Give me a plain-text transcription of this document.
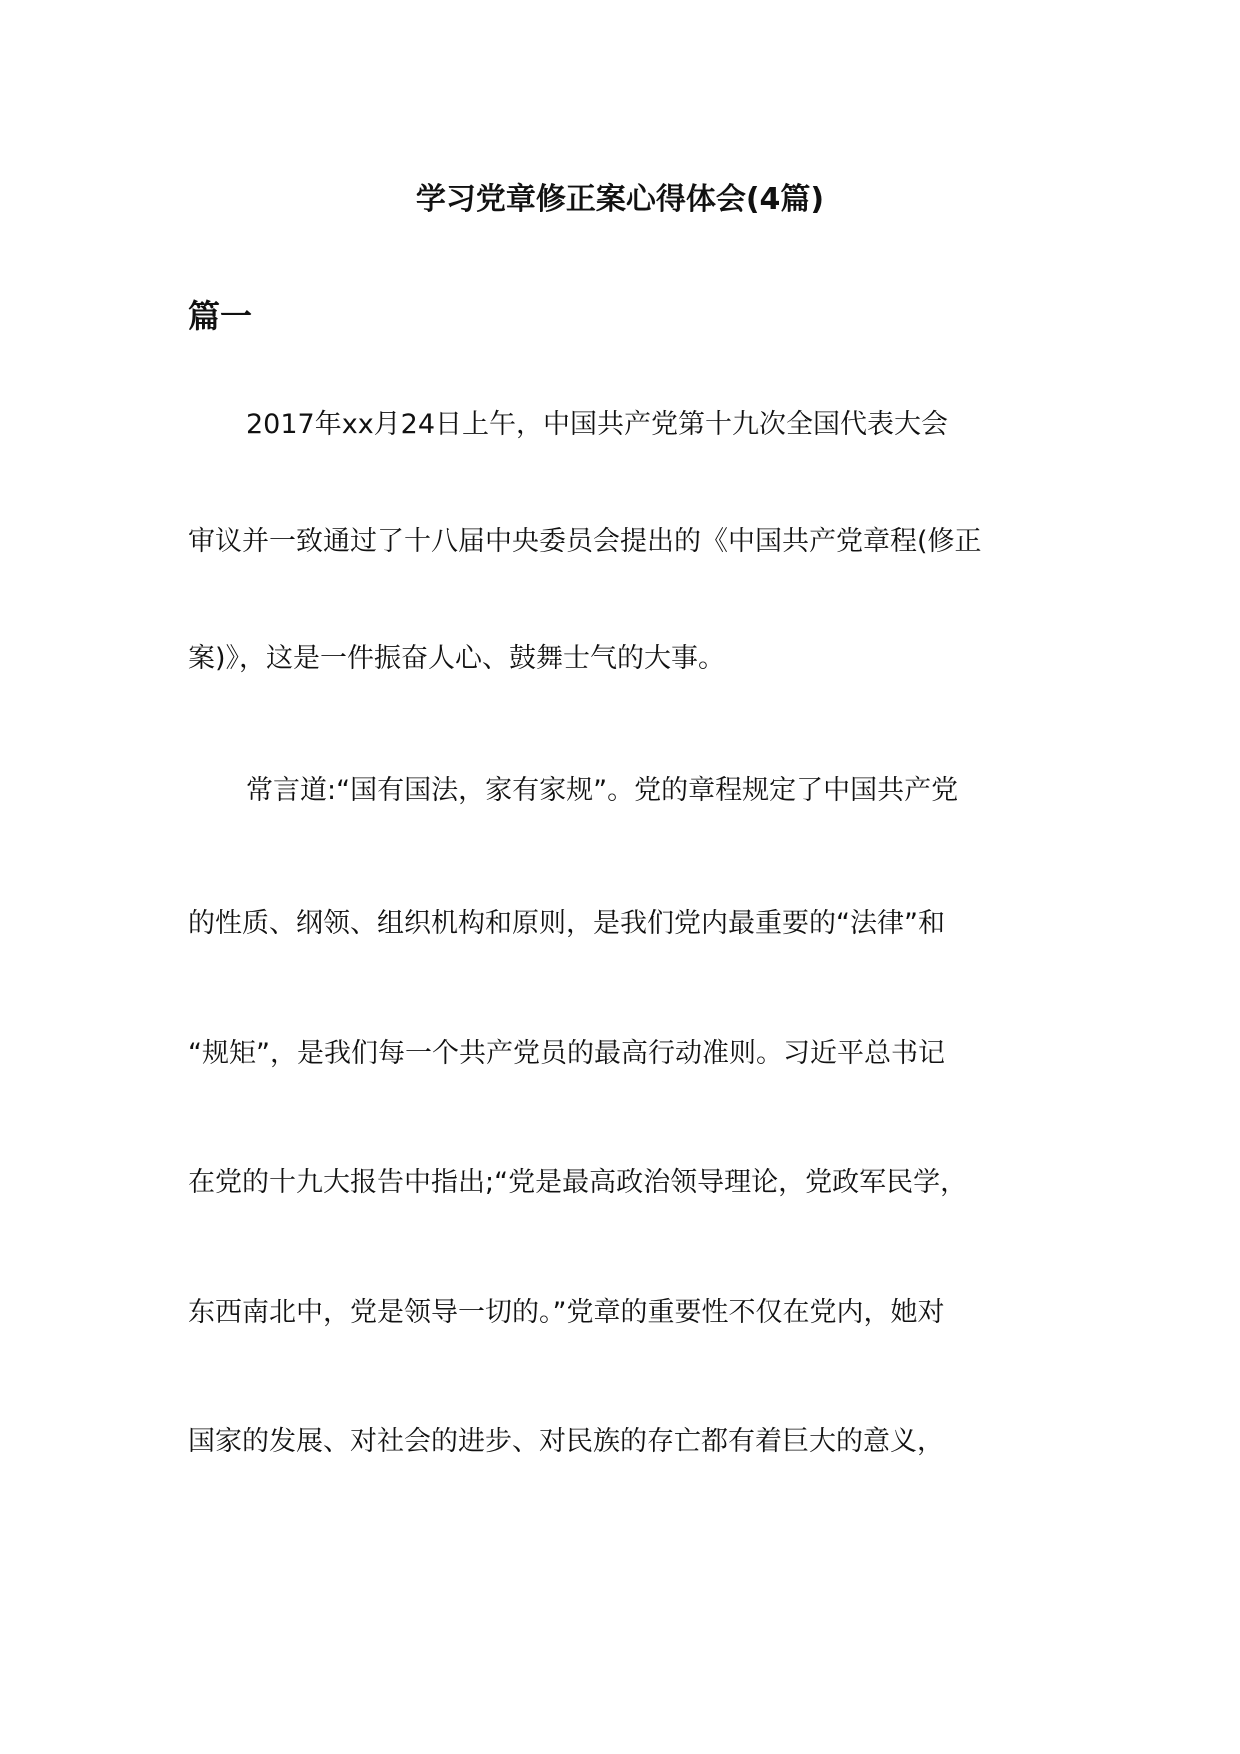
学习党章修正案心得体会(4篇)
篇一

2017年xx月24日上午，中国共产党第十九次全国代表大会

审议并一致通过了十八届中央委员会提出的《中国共产党章程(修正

案)》，这是一件振奋人心、鼓舞士气的大事。

常言道:“国有国法，家有家规”。党的章程规定了中国共产党

的性质、纲领、组织机构和原则，是我们党内最重要的“法律”和

“规矩”，是我们每一个共产党员的最高行动准则。习近平总书记

在党的十九大报告中指出;“党是最高政治领导理论，党政军民学，

东西南北中，党是领导一切的。”党章的重要性不仅在党内，她对

国家的发展、对社会的进步、对民族的存亡都有着巨大的意义，
